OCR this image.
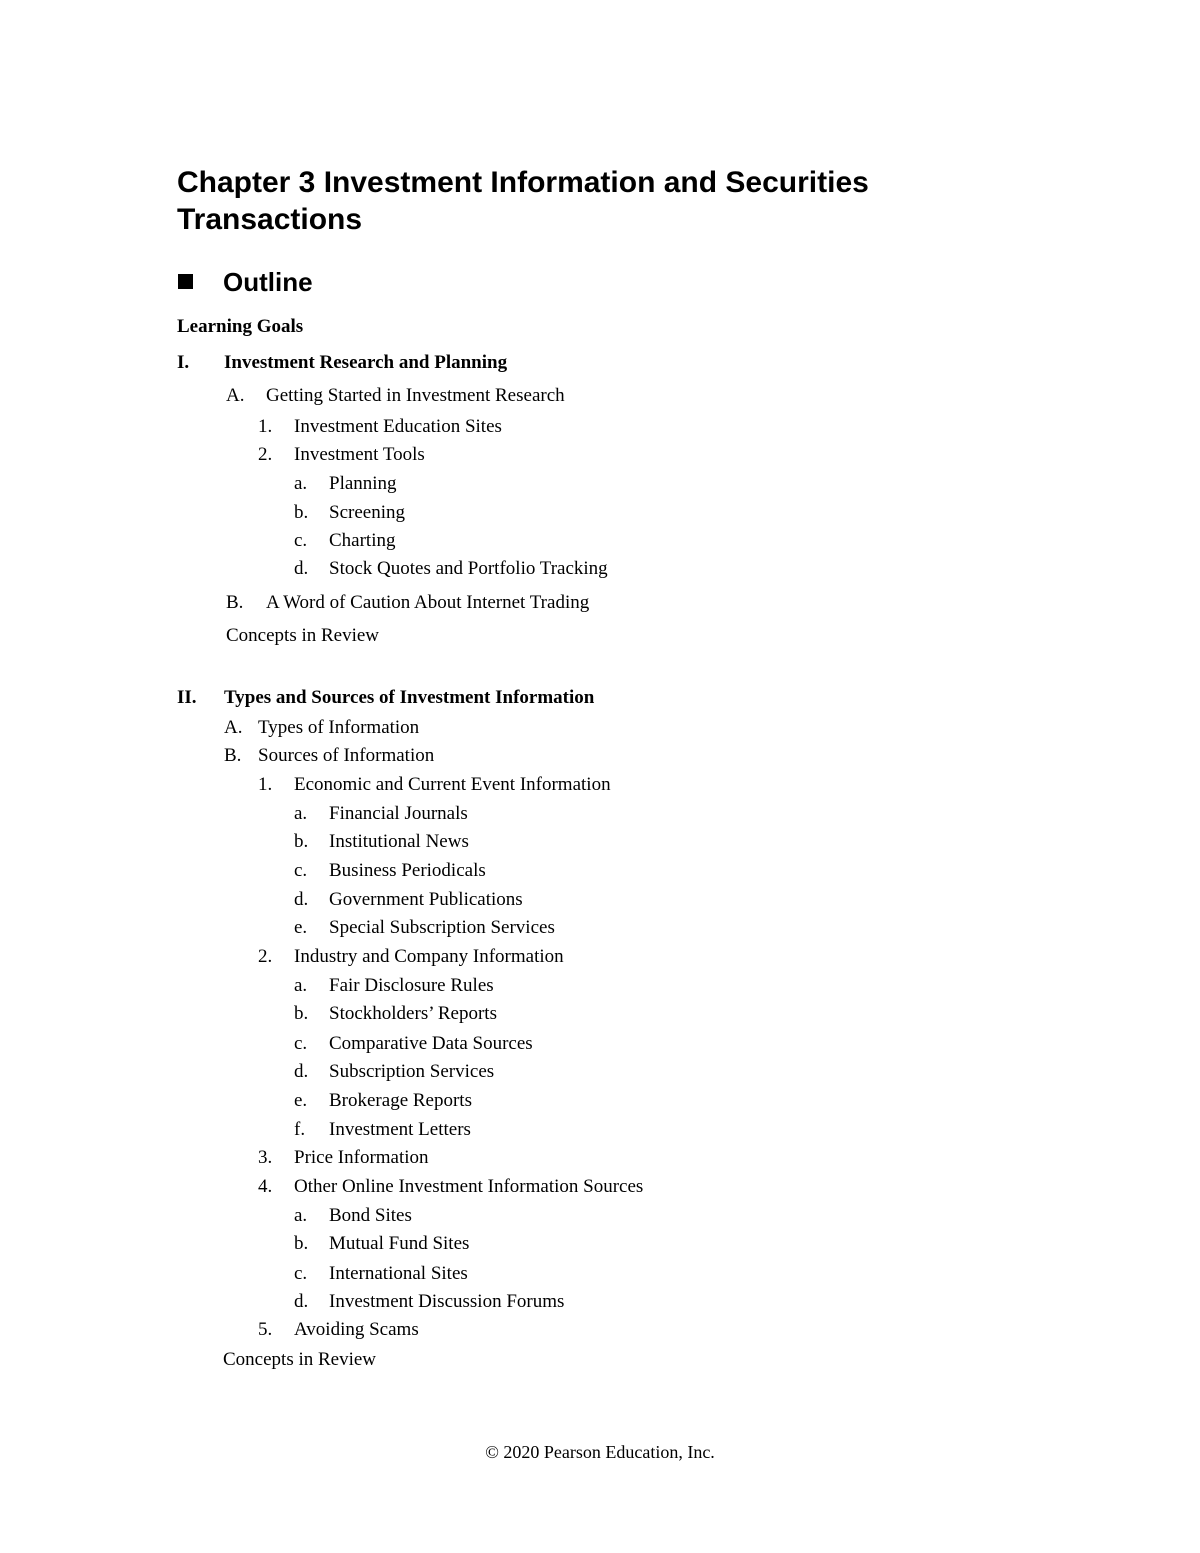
Chapter 3 Investment Information and Securities
Transactions
Outline
Learning Goals
I. Investment Research and Planning
A. Getting Started in Investment Research
1. Investment Education Sites
2. Investment Tools
a. Planning
b. Screening
c. Charting
d. Stock Quotes and Portfolio Tracking
B. A Word of Caution About Internet Trading
Concepts in Review
II. Types and Sources of Investment Information
A. Types of Information
B. Sources of Information
1. Economic and Current Event Information
a. Financial Journals
b. Institutional News
c. Business Periodicals
d. Government Publications
e. Special Subscription Services
2. Industry and Company Information
a. Fair Disclosure Rules
b. Stockholders’ Reports
c. Comparative Data Sources
d. Subscription Services
e. Brokerage Reports
f. Investment Letters
3. Price Information
4. Other Online Investment Information Sources
a. Bond Sites
b. Mutual Fund Sites
c. International Sites
d. Investment Discussion Forums
5. Avoiding Scams
Concepts in Review
© 2020 Pearson Education, Inc.
